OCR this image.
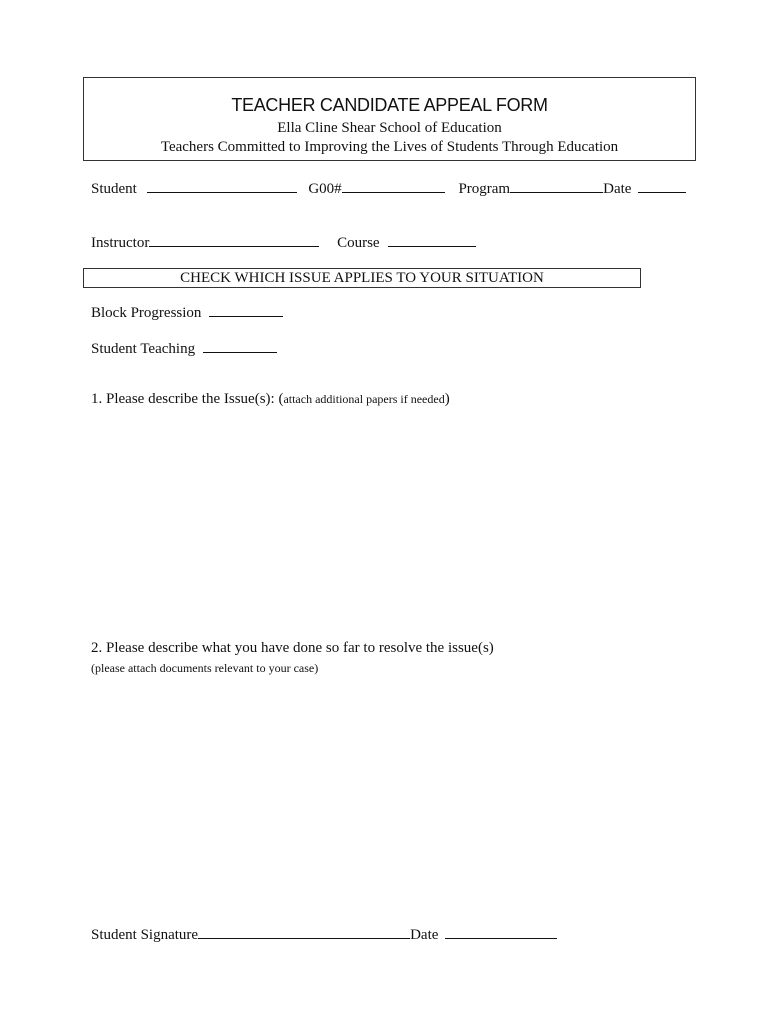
TEACHER CANDIDATE APPEAL FORM
Ella Cline Shear School of Education
Teachers Committed to Improving the Lives of Students Through Education
Student	G00#	Program	Date
Instructor	Course
CHECK WHICH ISSUE APPLIES TO YOUR SITUATION
Block Progression
Student Teaching
1. Please describe the Issue(s): (attach additional papers if needed)
2. Please describe what you have done so far to resolve the issue(s)
(please attach documents relevant to your case)
Student Signature	Date
